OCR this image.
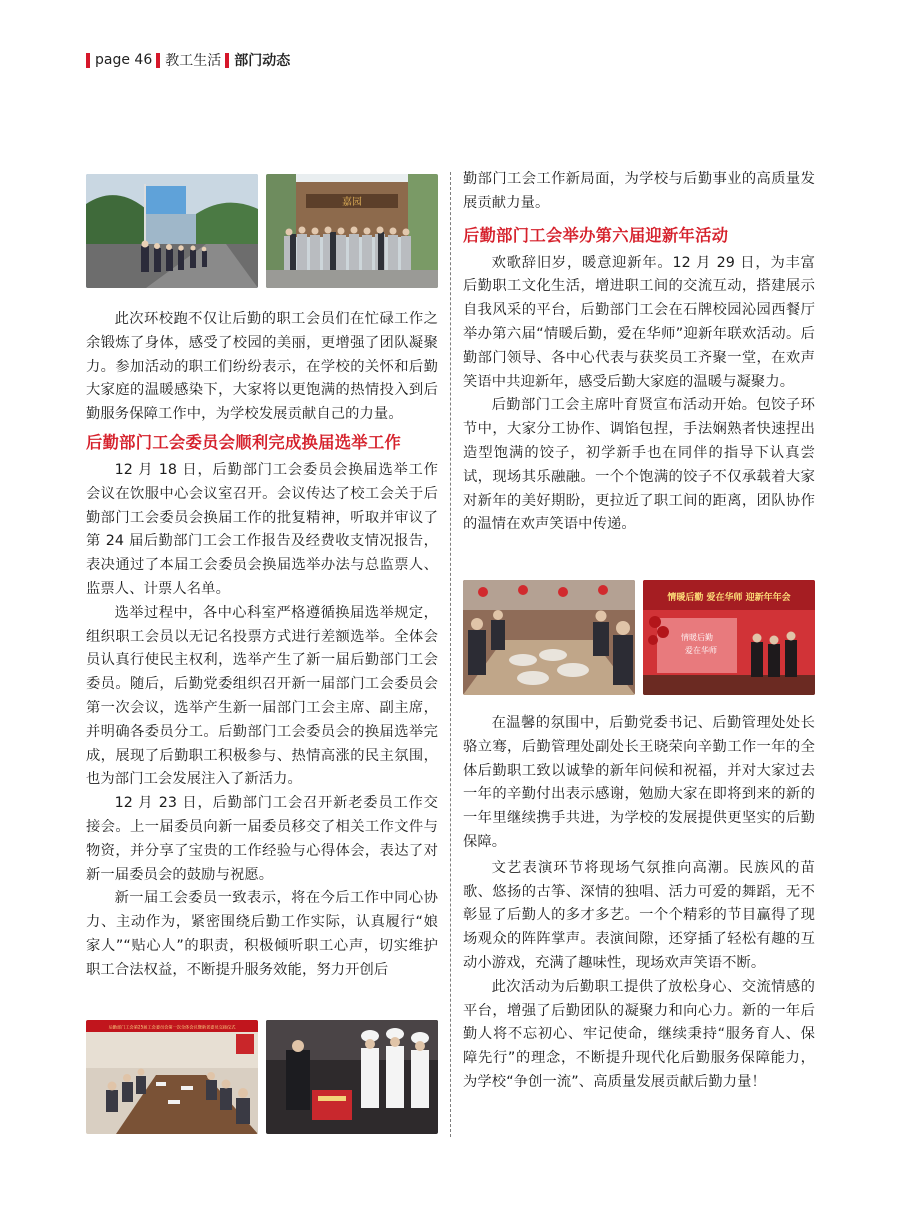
page 46 教工生活 部门动态
嘉园

此次环校跑不仅让后勤的职工会员们在忙碌工作之余锻炼了身体，感受了校园的美丽，更增强了团队凝聚力。参加活动的职工们纷纷表示，在学校的关怀和后勤大家庭的温暖感染下，大家将以更饱满的热情投入到后勤服务保障工作中，为学校发展贡献自己的力量。

后勤部门工会委员会顺利完成换届选举工作

12 月 18 日，后勤部门工会委员会换届选举工作会议在饮服中心会议室召开。会议传达了校工会关于后勤部门工会委员会换届工作的批复精神，听取并审议了第 24 届后勤部门工会工作报告及经费收支情况报告，表决通过了本届工会委员会换届选举办法与总监票人、监票人、计票人名单。

选举过程中，各中心科室严格遵循换届选举规定，组织职工会员以无记名投票方式进行差额选举。全体会员认真行使民主权利，选举产生了新一届后勤部门工会委员。随后，后勤党委组织召开新一届部门工会委员会第一次会议，选举产生新一届部门工会主席、副主席，并明确各委员分工。后勤部门工会委员会的换届选举完成，展现了后勤职工积极参与、热情高涨的民主氛围，也为部门工会发展注入了新活力。

12 月 23 日，后勤部门工会召开新老委员工作交接会。上一届委员向新一届委员移交了相关工作文件与物资，并分享了宝贵的工作经验与心得体会，表达了对新一届委员会的鼓励与祝愿。

新一届工会委员一致表示，将在今后工作中同心协力、主动作为，紧密围绕后勤工作实际，认真履行“娘家人”“贴心人”的职责，积极倾听职工心声，切实维护职工合法权益，不断提升服务效能，努力开创后

后勤部门工会第25届工会委员会第一次全体会议暨新老委员交接仪式

勤部门工会工作新局面，为学校与后勤事业的高质量发展贡献力量。

后勤部门工会举办第六届迎新年活动

欢歌辞旧岁，暖意迎新年。12 月 29 日，为丰富后勤职工文化生活，增进职工间的交流互动，搭建展示自我风采的平台，后勤部门工会在石牌校园沁园西餐厅举办第六届“情暖后勤，爱在华师”迎新年联欢活动。后勤部门领导、各中心代表与获奖员工齐聚一堂，在欢声笑语中共迎新年，感受后勤大家庭的温暖与凝聚力。

后勤部门工会主席叶育贤宣布活动开始。包饺子环节中，大家分工协作、调馅包捏，手法娴熟者快速捏出造型饱满的饺子，初学新手也在同伴的指导下认真尝试，现场其乐融融。一个个饱满的饺子不仅承载着大家对新年的美好期盼，更拉近了职工间的距离，团队协作的温情在欢声笑语中传递。

情暖后勤 爱在华师 迎新年年会
情暖后勤
爱在华师

在温馨的氛围中，后勤党委书记、后勤管理处处长骆立骞，后勤管理处副处长王晓荣向辛勤工作一年的全体后勤职工致以诚挚的新年问候和祝福，并对大家过去一年的辛勤付出表示感谢，勉励大家在即将到来的新的一年里继续携手共进，为学校的发展提供更坚实的后勤保障。

文艺表演环节将现场气氛推向高潮。民族风的苗歌、悠扬的古筝、深情的独唱、活力可爱的舞蹈，无不彰显了后勤人的多才多艺。一个个精彩的节目赢得了现场观众的阵阵掌声。表演间隙，还穿插了轻松有趣的互动小游戏，充满了趣味性，现场欢声笑语不断。

此次活动为后勤职工提供了放松身心、交流情感的平台，增强了后勤团队的凝聚力和向心力。新的一年后勤人将不忘初心、牢记使命，继续秉持“服务育人、保障先行”的理念，不断提升现代化后勤服务保障能力，为学校“争创一流”、高质量发展贡献后勤力量！
